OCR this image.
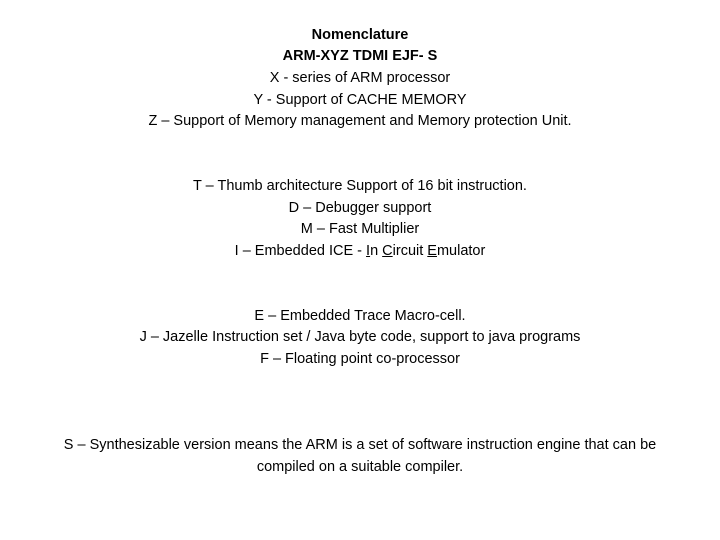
Nomenclature
ARM-XYZ TDMI EJF- S
X - series of ARM processor
Y - Support of CACHE MEMORY
Z – Support of Memory management and Memory protection Unit.
T – Thumb architecture Support of 16 bit instruction.
D – Debugger support
M – Fast Multiplier
I – Embedded ICE - In Circuit Emulator
E – Embedded Trace Macro-cell.
J – Jazelle Instruction set / Java byte code, support to java programs
F – Floating point co-processor
S – Synthesizable version means the ARM is a set of software instruction engine that can be compiled on a suitable compiler.
